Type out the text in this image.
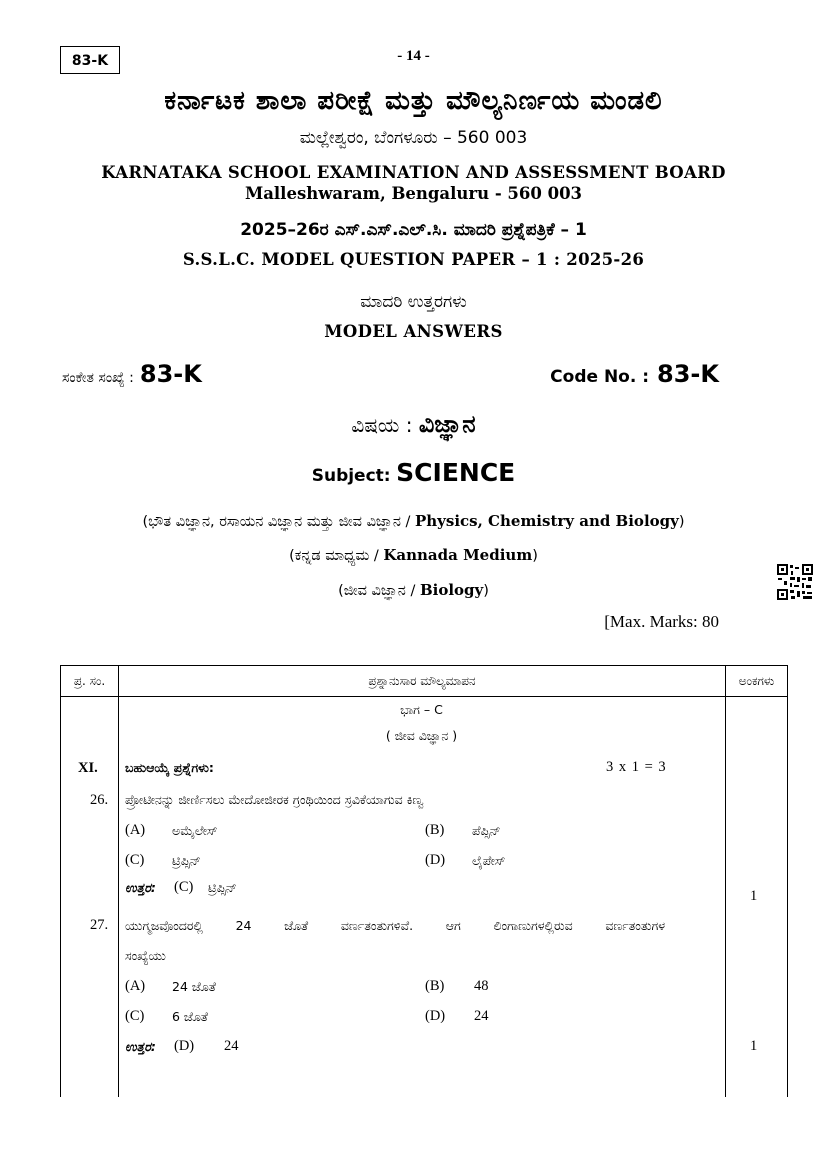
83-K	- 14 -
ಕರ್ನಾಟಕ ಶಾಲಾ ಪರೀಕ್ಷೆ ಮತ್ತು ಮೌಲ್ಯನಿರ್ಣಯ ಮಂಡಲಿ
ಮಲ್ಲೇಶ್ವರಂ, ಬೆಂಗಳೂರು – 560 003
KARNATAKA SCHOOL EXAMINATION AND ASSESSMENT BOARD
Malleshwaram, Bengaluru - 560 003
2025–26ರ ಎಸ್.ಎಸ್.ಎಲ್.ಸಿ. ಮಾದರಿ ಪ್ರಶ್ನೆಪತ್ರಿಕೆ – 1
S.S.L.C. MODEL QUESTION PAPER – 1 : 2025-26
ಮಾದರಿ ಉತ್ತರಗಳು
MODEL ANSWERS
ಸಂಕೇತ ಸಂಖ್ಯೆ : 83-K	Code No. : 83-K
ವಿಷಯ : ವಿಜ್ಞಾನ
Subject: SCIENCE
(ಭೌತ ವಿಜ್ಞಾನ, ರಸಾಯನ ವಿಜ್ಞಾನ ಮತ್ತು ಜೀವ ವಿಜ್ಞಾನ / Physics, Chemistry and Biology)
(ಕನ್ನಡ ಮಾಧ್ಯಮ / Kannada Medium)
(ಜೀವ ವಿಜ್ಞಾನ / Biology)
[Max. Marks: 80
ಪ್ರ. ಸಂ.	ಪ್ರಶ್ನಾನುಸಾರ ಮೌಲ್ಯಮಾಪನ	ಅಂಕಗಳು

ಭಾಗ – C
( ಜೀವ ವಿಜ್ಞಾನ )
XI. ಬಹುಆಯ್ಕೆ ಪ್ರಶ್ನೆಗಳು:	3 x 1 = 3
26. ಪ್ರೋಟೀನನ್ನು ಜೀರ್ಣಿಸಲು ಮೇದೋಜೀರಕ ಗ್ರಂಥಿಯಿಂದ ಸ್ರವಿಕೆಯಾಗುವ ಕಿಣ್ವ
(A) ಅಮೈಲೇಸ್	(B) ಪೆಪ್ಸಿನ್
(C) ಟ್ರಿಪ್ಸಿನ್	(D) ಲೈಪೇಸ್
ಉತ್ತರ: (C) ಟ್ರಿಪ್ಸಿನ್
1
27. ಯುಗ್ಮಜವೊಂದರಲ್ಲಿ 24 ಜೊತೆ ವರ್ಣತಂತುಗಳಿವೆ. ಆಗ ಲಿಂಗಾಣುಗಳಲ್ಲಿರುವ ವರ್ಣತಂತುಗಳ
ಸಂಖ್ಯೆಯು
(A) 24 ಜೊತೆ	(B) 48
(C) 6 ಜೊತೆ	(D) 24
ಉತ್ತರ: (D) 24	1
